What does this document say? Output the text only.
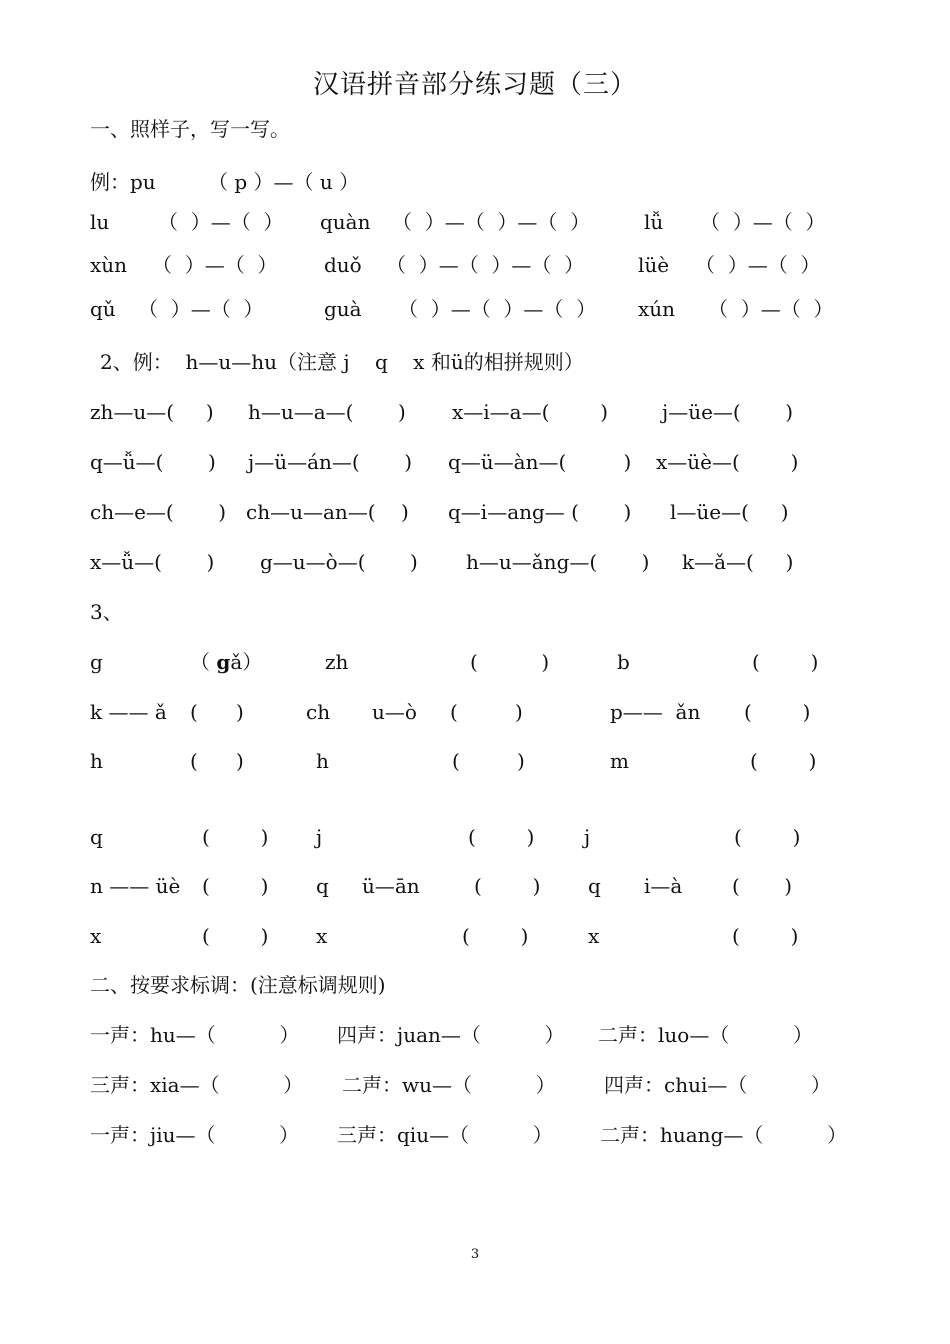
汉语拼音部分练习题（三）
一、照样子，写一写。
例：pu	（ p ）—（ u ）
lu （  ）—（  ） quàn （  ）—（  ）—（  ）	lǚ （  ）—（  ）
xùn （  ）—（  ） duǒ （  ）—（  ）—（  ）	lüè （  ）—（  ）
qǔ （  ）—（  ）	guà （  ）—（  ）—（  ） xún （  ）—（  ）
2、例：  h—u—hu（注意 j    q    x 和ü的相拼规则）
zh—u—(     ) h—u—a—(       ) x—i—a—(        )	j—üe—(       )
q—ǚ—(       ) j—ü—án—(       ) q—ü—àn—(         ) x—üè—(        )
ch—e—(       ) ch—u—an—(    ) q—i—ang— (       ) l—üe—(     )
x—ǚ—(       ) g—u—ò—(       ) h—u—ǎng—(       ) k—ǎ—(     )
3、
g	（ gǎ）	zh	(          )	b	(        )
k —— ǎ (      )	ch u—ò (         )	p——  ǎn (        )
h	(      )	h	(         )	m	(        )
q	(        ) j	(        ) j	(        )
n —— üè (        ) q ü—ān	(        ) q i—à (       )
x	(        ) x	(        )	x	(        )
二、按要求标调：(注意标调规则)
一声：hu—（          ） 四声：juan—（          ） 二声：luo—（          ）
三声：xia—（          ） 二声：wu—（          ） 四声：chui—（          ）
一声：jiu—（          ） 三声：qiu—（          ） 二声：huang—（          ）
3
